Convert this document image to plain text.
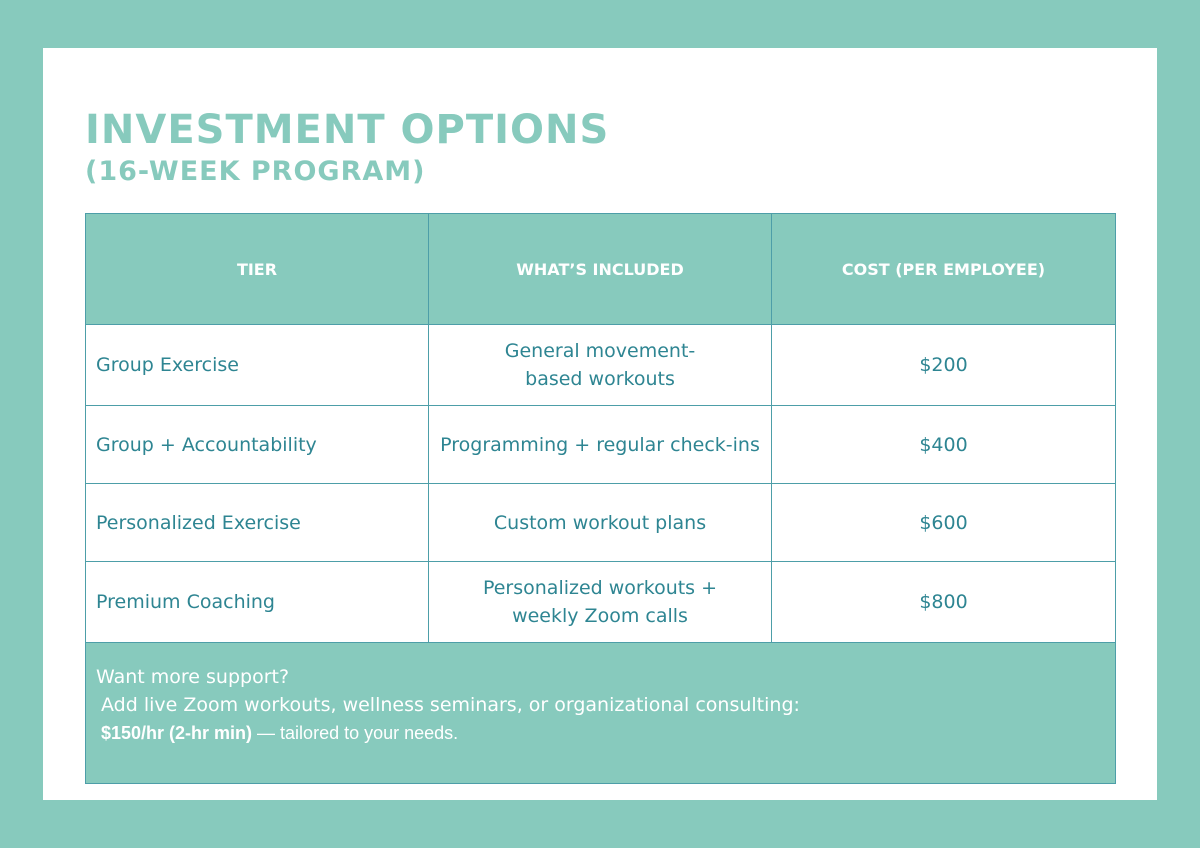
INVESTMENT OPTIONS
(16-WEEK PROGRAM)
TIER	WHAT’S INCLUDED	COST (PER EMPLOYEE)
Group Exercise	General movement-based workouts	$200
Group + Accountability	Programming + regular check-ins	$400
Personalized Exercise	Custom workout plans	$600
Premium Coaching	Personalized workouts + weekly Zoom calls	$800

Want more support?
Add live Zoom workouts, wellness seminars, or organizational consulting:
$150/hr (2-hr min) — tailored to your needs.		
